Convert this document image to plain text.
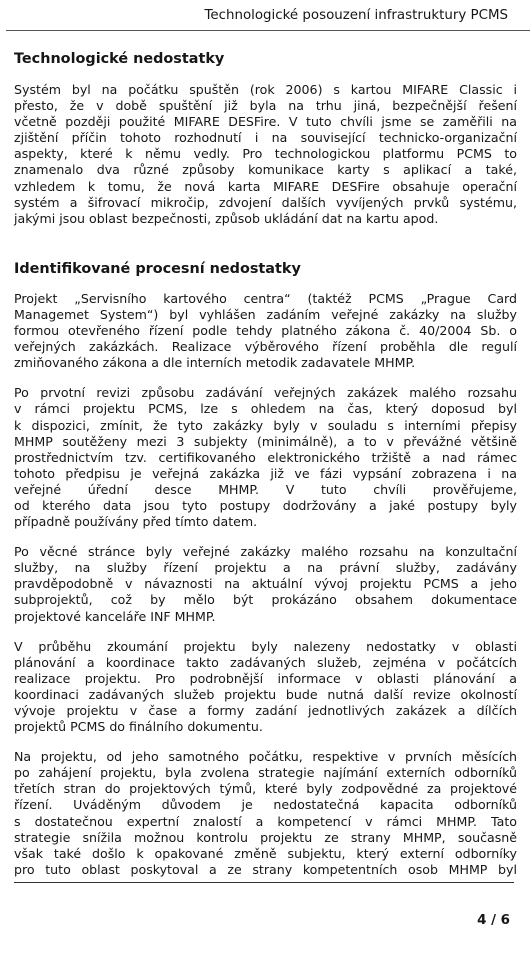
Technologické posouzení infrastruktury PCMS
Technologické nedostatky

Systém byl na počátku spuštěn (rok 2006) s kartou MIFARE Classic i
přesto, že v době spuštění již byla na trhu jiná, bezpečnější řešení
včetně později použité MIFARE DESFire. V tuto chvíli jsme se zaměřili na
zjištění příčin tohoto rozhodnutí i na související technicko-organizační
aspekty, které k němu vedly. Pro technologickou platformu PCMS to
znamenalo dva různé způsoby komunikace karty s aplikací a také,
vzhledem k tomu, že nová karta MIFARE DESFire obsahuje operační
systém a šifrovací mikročip, zdvojení dalších vyvíjených prvků systému,
jakými jsou oblast bezpečnosti, způsob ukládání dat na kartu apod.

Identifikované procesní nedostatky

Projekt „Servisního kartového centra“ (taktéž PCMS „Prague Card
Managemet System“) byl vyhlášen zadáním veřejné zakázky na služby
formou otevřeného řízení podle tehdy platného zákona č. 40/2004 Sb. o
veřejných zakázkách. Realizace výběrového řízení proběhla dle regulí
zmiňovaného zákona a dle interních metodik zadavatele MHMP.

Po prvotní revizi způsobu zadávání veřejných zakázek malého rozsahu
v rámci projektu PCMS, lze s ohledem na čas, který doposud byl
k dispozici, zmínit, že tyto zakázky byly v souladu s interními přepisy
MHMP soutěženy mezi 3 subjekty (minimálně), a to v převážné většině
prostřednictvím tzv. certifikovaného elektronického tržiště a nad rámec
tohoto předpisu je veřejná zakázka již ve fázi vypsání zobrazena i na
veřejné úřední desce MHMP. V tuto chvíli prověřujeme,
od kterého data jsou tyto postupy dodržovány a jaké postupy byly
případně používány před tímto datem.

Po věcné stránce byly veřejné zakázky malého rozsahu na konzultační
služby, na služby řízení projektu a na právní služby, zadávány
pravděpodobně v návaznosti na aktuální vývoj projektu PCMS a jeho
subprojektů, což by mělo být prokázáno obsahem dokumentace
projektové kanceláře INF MHMP.

V průběhu zkoumání projektu byly nalezeny nedostatky v oblasti
plánování a koordinace takto zadávaných služeb, zejména v počátcích
realizace projektu. Pro podrobnější informace v oblasti plánování a
koordinaci zadávaných služeb projektu bude nutná další revize okolností
vývoje projektu v čase a formy zadání jednotlivých zakázek a dílčích
projektů PCMS do finálního dokumentu.

Na projektu, od jeho samotného počátku, respektive v prvních měsících
po zahájení projektu, byla zvolena strategie najímání externích odborníků
třetích stran do projektových týmů, které byly zodpovědné za projektové
řízení. Uváděným důvodem je nedostatečná kapacita odborníků
s dostatečnou expertní znalostí a kompetencí v rámci MHMP. Tato
strategie snížila možnou kontrolu projektu ze strany MHMP, současně
však také došlo k opakované změně subjektu, který externí odborníky
pro tuto oblast poskytoval a ze strany kompetentních osob MHMP byl

4 / 6
